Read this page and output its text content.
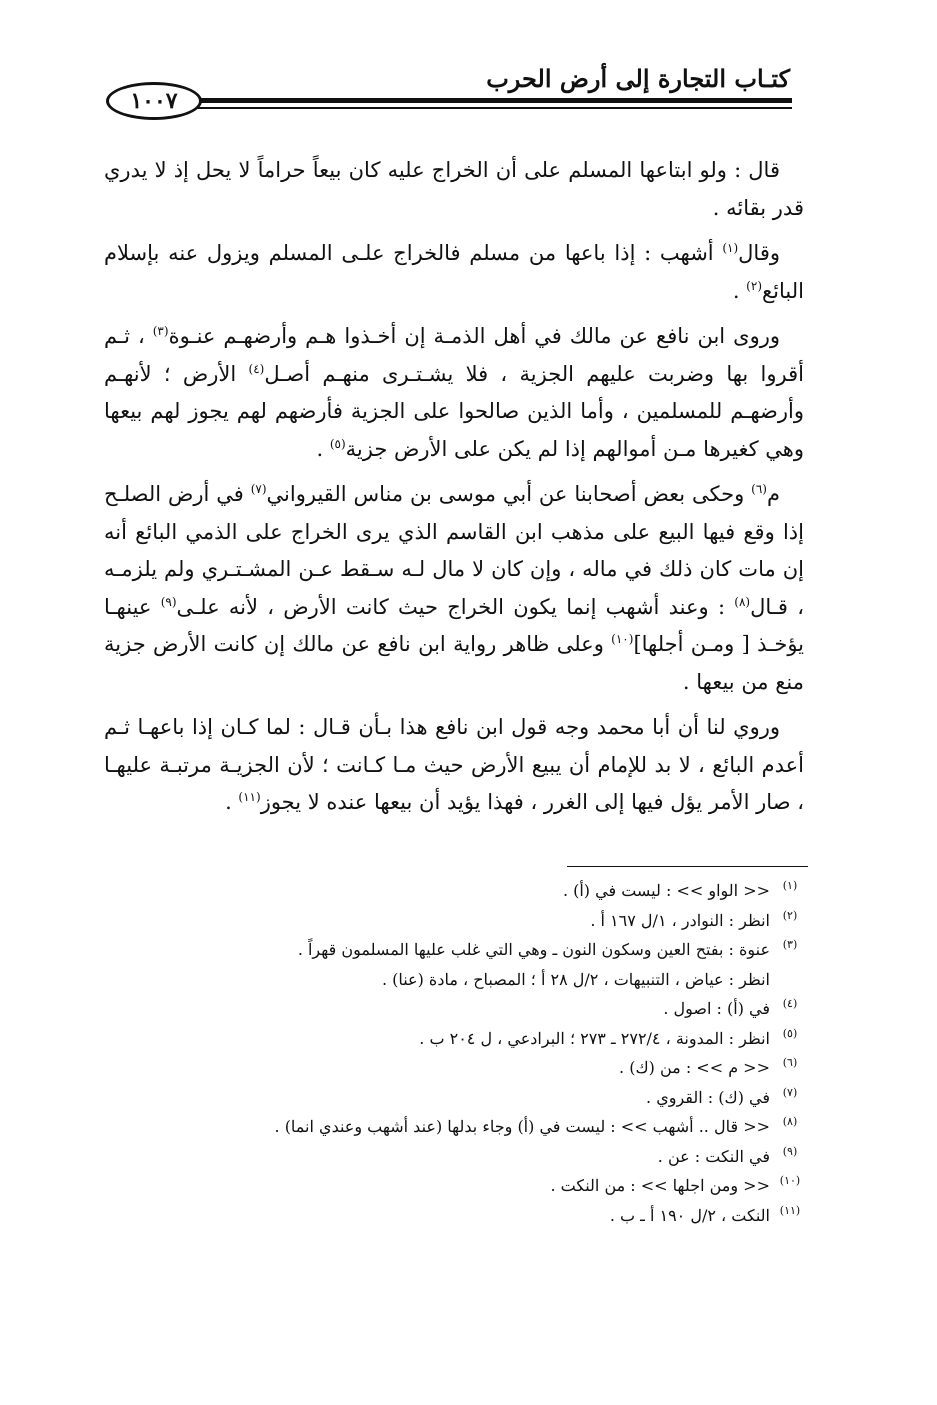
كتـاب التجارة إلى أرض الحرب
١٠٠٧

قال : ولو ابتاعها المسلم على أن الخراج عليه كان بيعاً حراماً لا يحل إذ لا يدري قدر بقائه .

وقال$^{(١)}$ أشهب : إذا باعها من مسلم فالخراج علـى المسلم ويزول عنه بإسلام البائع$^{(٢)}$ .

وروى ابن نافع عن مالك في أهل الذمـة إن أخـذوا هـم وأرضهـم عنـوة$^{(٣)}$ ، ثـم أقروا بها وضربت عليهم الجزية ، فلا يشـتـرى منهـم أصـل$^{(٤)}$ الأرض ؛ لأنهـم وأرضهـم للمسلمين ، وأما الذين صالحوا على الجزية فأرضهم لهم يجوز لهم بيعها وهي كغيرها مـن أموالهم إذا لم يكن على الأرض جزية$^{(٥)}$ .

م$^{(٦)}$ وحكى بعض أصحابنا عن أبي موسى بن مناس القيرواني$^{(٧)}$ في أرض الصلـح إذا وقع فيها البيع على مذهب ابن القاسم الذي يرى الخراج على الذمي البائع أنه إن مات كان ذلك في ماله ، وإن كان لا مال لـه سـقط عـن المشـتـري ولم يلزمـه ، قـال$^{(٨)}$ : وعند أشهب إنما يكون الخراج حيث كانت الأرض ، لأنه علـى$^{(٩)}$ عينهـا يؤخـذ [ ومـن أجلها]$^{(١٠)}$ وعلى ظاهر رواية ابن نافع عن مالك إن كانت الأرض جزية منع من بيعها .

وروي لنا أن أبا محمد وجه قول ابن نافع هذا بـأن قـال : لما كـان إذا باعهـا ثـم أعدم البائع ، لا بد للإمام أن يبيع الأرض حيث مـا كـانت ؛ لأن الجزيـة مرتبـة عليهـا ، صار الأمر يؤل فيها إلى الغرر ، فهذا يؤيد أن بيعها عنده لا يجوز$^{(١١)}$ .

(١)
<< الواو >> : ليست في (أ) .
(٢)
انظر : النوادر ، ١/ل ١٦٧ أ .
(٣)
عنوة : بفتح العين وسكون النون ـ وهي التي غلب عليها المسلمون قهراً .
انظر : عياض ، التنبيهات ، ٢/ل ٢٨ أ ؛ المصباح ، مادة (عنا) .
(٤)
في (أ) : اصول .
(٥)
انظر : المدونة ، ٢٧٢/٤ ـ ٢٧٣ ؛ البرادعي ، ل ٢٠٤ ب .
(٦)
<< م >> : من (ك) .
(٧)
في (ك) : القروي .
(٨)
<< قال .. أشهب >> : ليست في (أ) وجاء بدلها (عند أشهب وعندي انما) .
(٩)
في النكت : عن .
(١٠)
<< ومن اجلها >> : من النكت .
(١١)
النكت ، ٢/ل ١٩٠ أ ـ ب .
